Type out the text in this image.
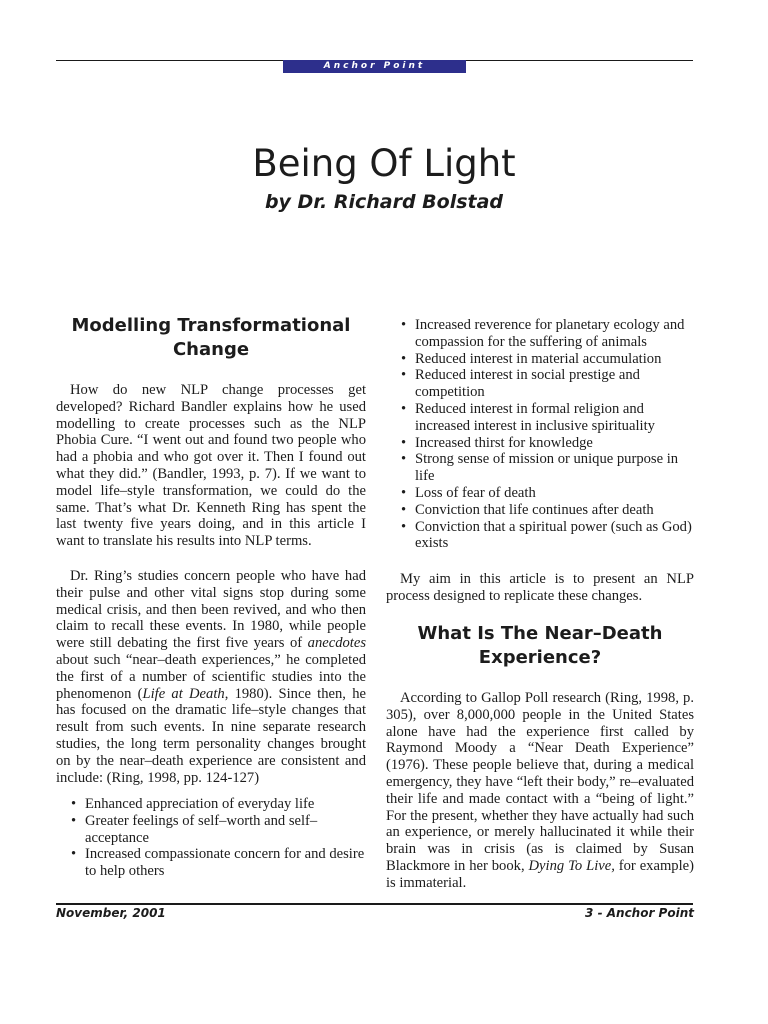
Anchor Point
Being Of Light
by Dr. Richard Bolstad
Modelling Transformational Change
How do new NLP change processes get developed? Richard Bandler explains how he used modelling to create processes such as the NLP Phobia Cure. “I went out and found two people who had a phobia and who got over it. Then I found out what they did.” (Bandler, 1993, p. 7). If we want to model life–style transformation, we could do the same. That’s what Dr. Kenneth Ring has spent the last twenty five years doing, and in this article I want to translate his results into NLP terms.
Dr. Ring’s studies concern people who have had their pulse and other vital signs stop during some medical crisis, and then been revived, and who then claim to recall these events. In 1980, while people were still debating the first five years of anecdotes about such “near–death experiences,” he completed the first of a number of scientific studies into the phenomenon (Life at Death, 1980). Since then, he has focused on the dramatic life–style changes that result from such events. In nine separate research studies, the long term personality changes brought on by the near–death experience are consistent and include: (Ring, 1998, pp. 124-127)
• Enhanced appreciation of everyday life
• Greater feelings of self–worth and self–acceptance
• Increased compassionate concern for and desire to help others
• Increased reverence for planetary ecology and compassion for the suffering of animals
• Reduced interest in material accumulation
• Reduced interest in social prestige and competition
• Reduced interest in formal religion and increased interest in inclusive spirituality
• Increased thirst for knowledge
• Strong sense of mission or unique purpose in life
• Loss of fear of death
• Conviction that life continues after death
• Conviction that a spiritual power (such as God) exists
My aim in this article is to present an NLP process designed to replicate these changes.
What Is The Near–Death Experience?
According to Gallop Poll research (Ring, 1998, p. 305), over 8,000,000 people in the United States alone have had the experience first called by Raymond Moody a “Near Death Experience” (1976). These people believe that, during a medical emergency, they have “left their body,” re–evaluated their life and made contact with a “being of light.” For the present, whether they have actually had such an experience, or merely hallucinated it while their brain was in crisis (as is claimed by Susan Blackmore in her book, Dying To Live, for example) is immaterial.
November, 2001	3 - Anchor Point
